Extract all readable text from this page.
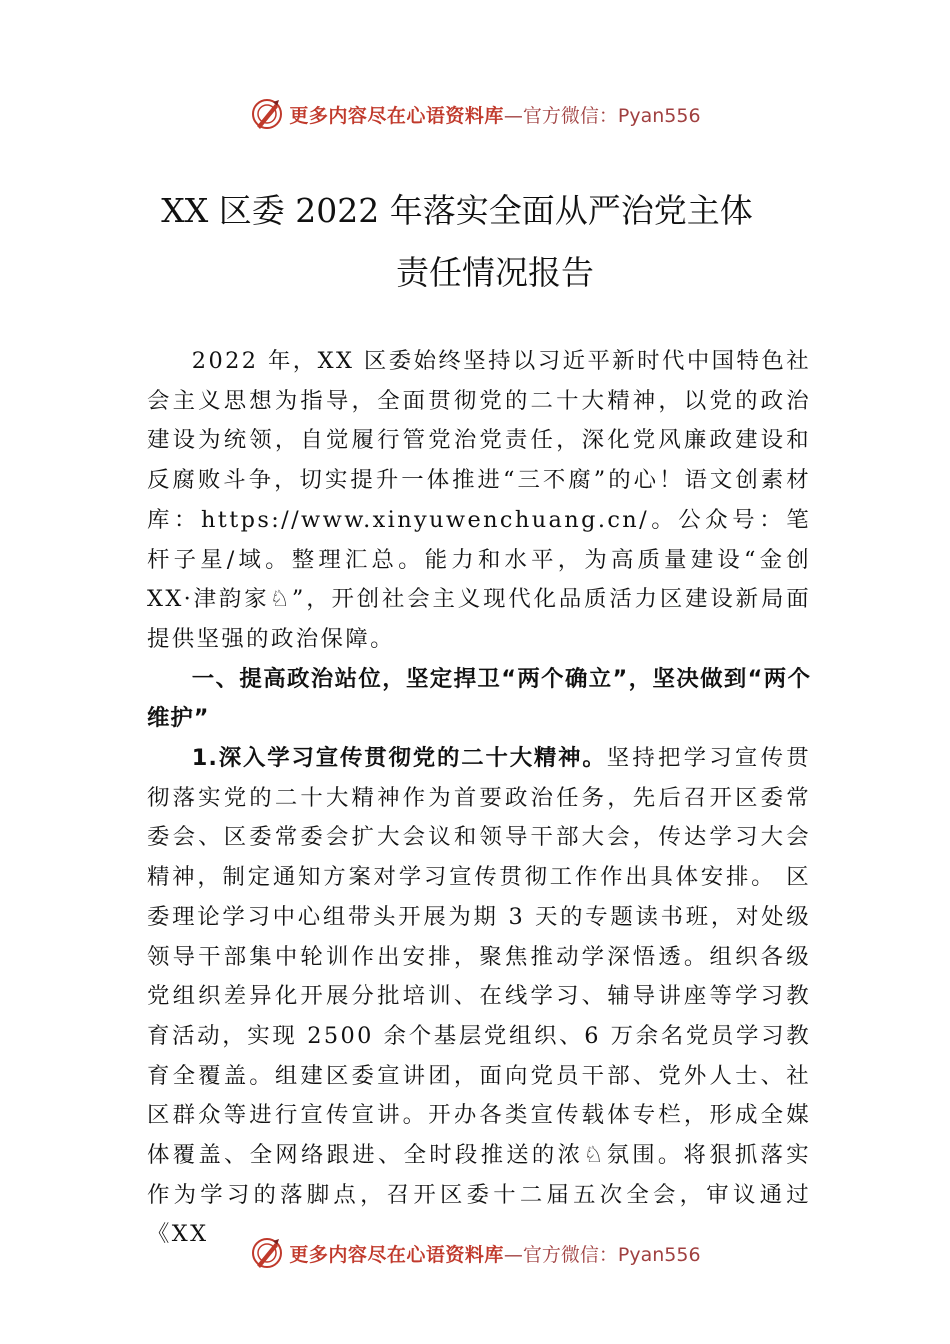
更多内容尽在心语资料库 —官方微信：Pyan556
XX 区委 2022 年落实全面从严治党主体
责任情况报告

2022 年，XX 区委始终坚持以习近平新时代中国特色社会主义思想为指导，全面贯彻党的二十大精神，以党的政治建设为统领，自觉履行管党治党责任，深化党风廉政建设和反腐败斗争，切实提升一体推进“三不腐”的心！语文创素材库：https://www.xinyuwenchuang.cn/。公众号：笔杆子星/域。整理汇总。能力和水平，为高质量建设“金创 XX·津韵家♘”，开创社会主义现代化品质活力区建设新局面提供坚强的政治保障。

一、提高政治站位，坚定捍卫“两个确立”，坚决做到“两个维护”

1.深入学习宣传贯彻党的二十大精神。坚持把学习宣传贯彻落实党的二十大精神作为首要政治任务，先后召开区委常委会、区委常委会扩大会议和领导干部大会，传达学习大会精神，制定通知方案对学习宣传贯彻工作作出具体安排。 区委理论学习中心组带头开展为期 3 天的专题读书班，对处级领导干部集中轮训作出安排，聚焦推动学深悟透。组织各级党组织差异化开展分批培训、在线学习、辅导讲座等学习教育活动，实现 2500 余个基层党组织、6 万余名党员学习教育全覆盖。组建区委宣讲团，面向党员干部、党外人士、社区群众等进行宣传宣讲。开办各类宣传载体专栏，形成全媒体覆盖、全网络跟进、全时段推送的浓♘氛围。将狠抓落实作为学习的落脚点，召开区委十二届五次全会，审议通过《XX

更多内容尽在心语资料库 —官方微信：Pyan556
